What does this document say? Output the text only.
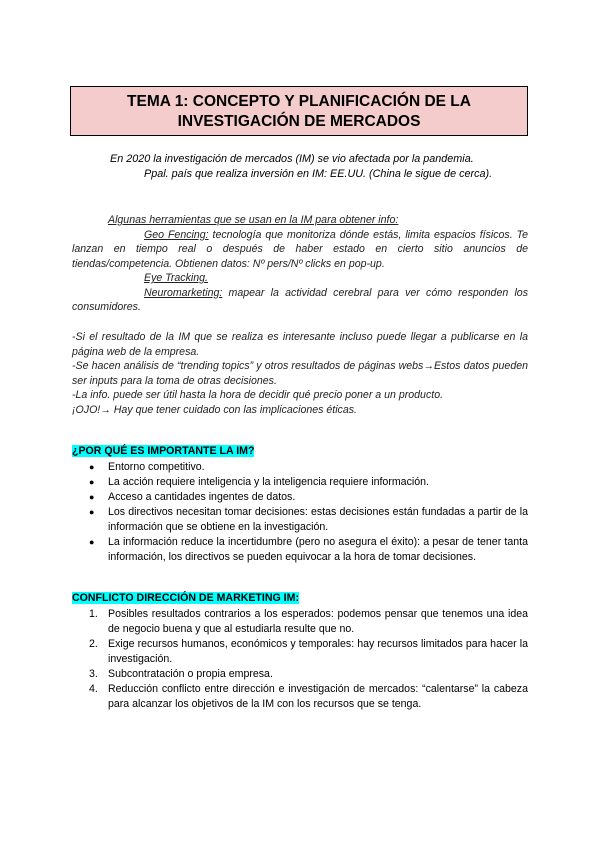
TEMA 1: CONCEPTO Y PLANIFICACIÓN DE LA
INVESTIGACIÓN DE MERCADOS
En 2020 la investigación de mercados (IM) se vio afectada por la pandemia.
Ppal. país que realiza inversión en IM: EE.UU. (China le sigue de cerca).

Algunas herramientas que se usan en la IM para obtener info:

Geo Fencing: tecnología que monitoriza dónde estás, limita espacios físicos. Te lanzan en tiempo real o después de haber estado en cierto sitio anuncios de tiendas/competencia. Obtienen datos: Nº pers/Nº clicks en pop-up.

Eye Tracking.

Neuromarketing: mapear la actividad cerebral para ver cómo responden los consumidores.

-Si el resultado de la IM que se realiza es interesante incluso puede llegar a publicarse en la página web de la empresa.

-Se hacen análisis de “trending topics” y otros resultados de páginas webs→Estos datos pueden ser inputs para la toma de otras decisiones.

-La info. puede ser útil hasta la hora de decidir qué precio poner a un producto.

¡OJO!→ Hay que tener cuidado con las implicaciones éticas.

¿POR QUÉ ES IMPORTANTE LA IM?
● Entorno competitivo.
● La acción requiere inteligencia y la inteligencia requiere información.
● Acceso a cantidades ingentes de datos.
● Los directivos necesitan tomar decisiones: estas decisiones están fundadas a partir de la información que se obtiene en la investigación.
● La información reduce la incertidumbre (pero no asegura el éxito): a pesar de tener tanta información, los directivos se pueden equivocar a la hora de tomar decisiones.
CONFLICTO DIRECCIÓN DE MARKETING IM:
1. Posibles resultados contrarios a los esperados: podemos pensar que tenemos una idea de negocio buena y que al estudiarla resulte que no.
2. Exige recursos humanos, económicos y temporales: hay recursos limitados para hacer la investigación.
3. Subcontratación o propia empresa.
4. Reducción conflicto entre dirección e investigación de mercados: “calentarse” la cabeza para alcanzar los objetivos de la IM con los recursos que se tenga.
